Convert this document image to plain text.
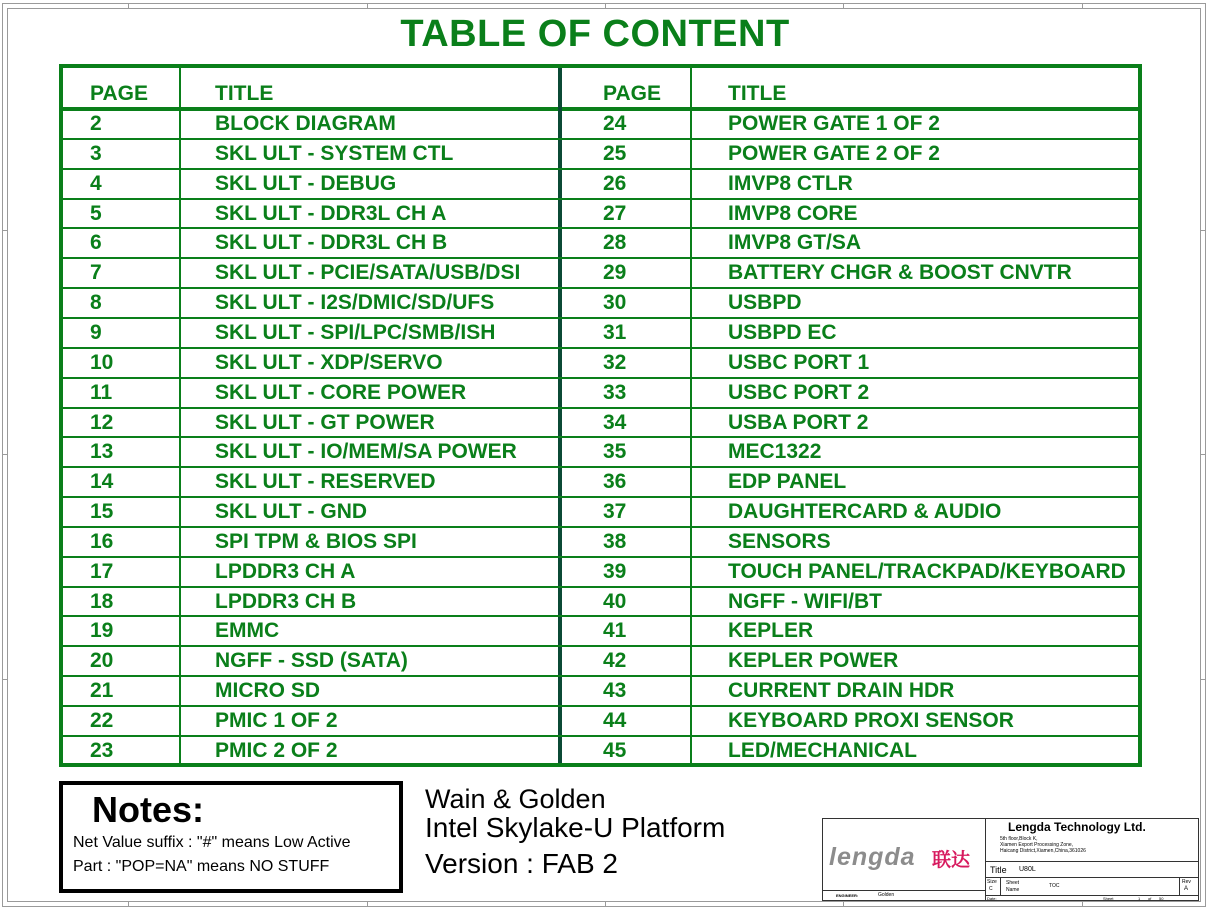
TABLE OF CONTENT
PAGE	TITLE	PAGE	TITLE
2	BLOCK DIAGRAM	24	POWER GATE 1 OF 2
3	SKL ULT - SYSTEM CTL	25	POWER GATE 2 OF 2
4	SKL ULT - DEBUG	26	IMVP8 CTLR
5	SKL ULT - DDR3L CH A	27	IMVP8 CORE
6	SKL ULT - DDR3L CH B	28	IMVP8 GT/SA
7	SKL ULT - PCIE/SATA/USB/DSI	29	BATTERY CHGR & BOOST CNVTR
8	SKL ULT - I2S/DMIC/SD/UFS	30	USBPD
9	SKL ULT - SPI/LPC/SMB/ISH	31	USBPD EC
10	SKL ULT - XDP/SERVO	32	USBC PORT 1
11	SKL ULT - CORE POWER	33	USBC PORT 2
12	SKL ULT - GT POWER	34	USBA PORT 2
13	SKL ULT - IO/MEM/SA POWER	35	MEC1322
14	SKL ULT - RESERVED	36	EDP PANEL
15	SKL ULT - GND	37	DAUGHTERCARD & AUDIO
16	SPI TPM & BIOS SPI	38	SENSORS
17	LPDDR3 CH A	39	TOUCH PANEL/TRACKPAD/KEYBOARD
18	LPDDR3 CH B	40	NGFF - WIFI/BT
19	EMMC	41	KEPLER
20	NGFF - SSD (SATA)	42	KEPLER POWER
21	MICRO SD	43	CURRENT DRAIN HDR
22	PMIC 1 OF 2	44	KEYBOARD PROXI SENSOR
23	PMIC 2 OF 2	45	LED/MECHANICAL
Notes:
Net Value suffix : "#" means Low Active
Part : "POP=NA" means NO STUFF
Wain & Golden
Intel Skylake-U Platform
Version : FAB 2	lengda 联达
Lengda Technology Ltd.
5th floor,Block K,
Xiamen Export Processing Zone,
Haicang District,Xiamen,China,361026
Title U80L
Size
C
Sheet Name
TOC
Rev
A
ENGINEER:	Golden
Date:	Sheet	1 of 50
